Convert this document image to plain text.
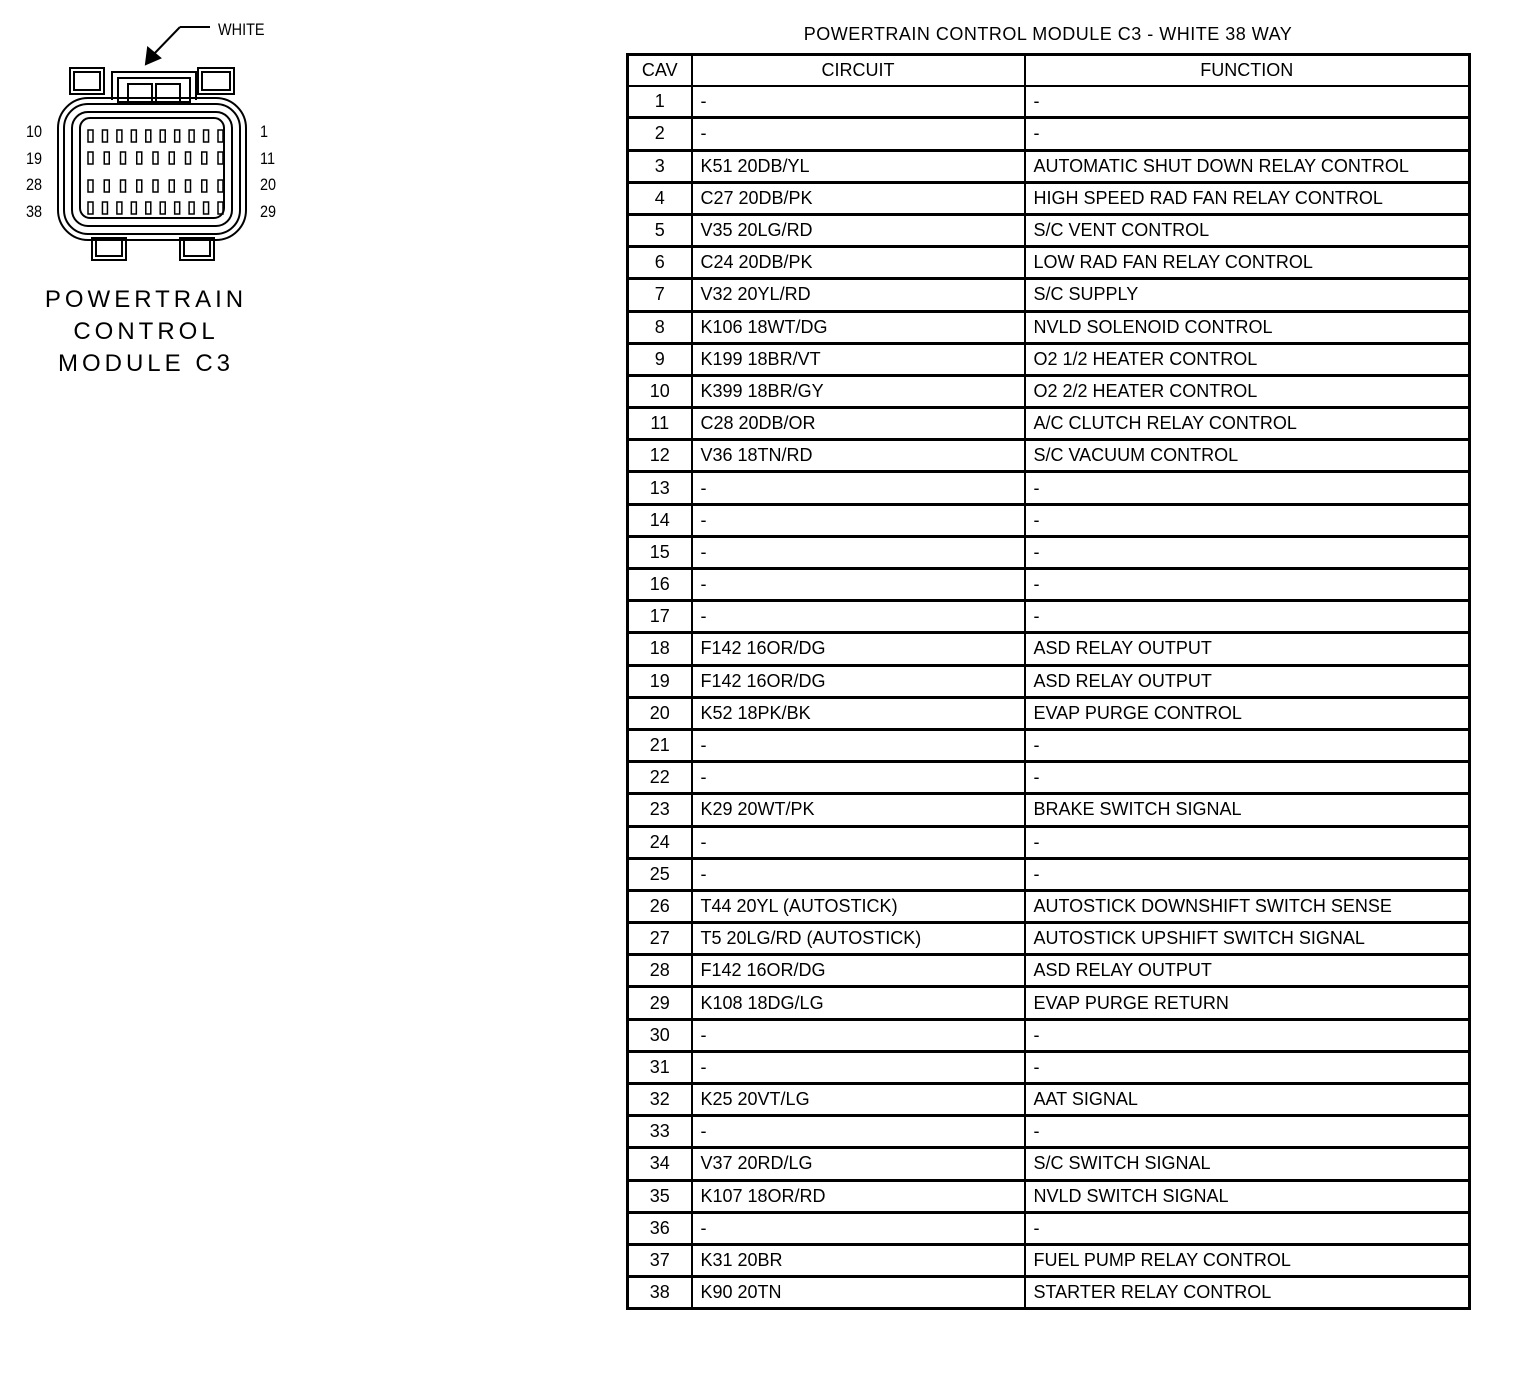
WHITE
10
19
28
38
1
11
20
29
POWERTRAIN
CONTROL
MODULE C3
POWERTRAIN CONTROL MODULE C3 - WHITE 38 WAY
CAV	CIRCUIT	FUNCTION
1	-	-
2	-	-
3	K51 20DB/YL	AUTOMATIC SHUT DOWN RELAY CONTROL
4	C27 20DB/PK	HIGH SPEED RAD FAN RELAY CONTROL
5	V35 20LG/RD	S/C VENT CONTROL
6	C24 20DB/PK	LOW RAD FAN RELAY CONTROL
7	V32 20YL/RD	S/C SUPPLY
8	K106 18WT/DG	NVLD SOLENOID CONTROL
9	K199 18BR/VT	O2 1/2 HEATER CONTROL
10	K399 18BR/GY	O2 2/2 HEATER CONTROL
11	C28 20DB/OR	A/C CLUTCH RELAY CONTROL
12	V36 18TN/RD	S/C VACUUM CONTROL
13	-	-
14	-	-
15	-	-
16	-	-
17	-	-
18	F142 16OR/DG	ASD RELAY OUTPUT
19	F142 16OR/DG	ASD RELAY OUTPUT
20	K52 18PK/BK	EVAP PURGE CONTROL
21	-	-
22	-	-
23	K29 20WT/PK	BRAKE SWITCH SIGNAL
24	-	-
25	-	-
26	T44 20YL (AUTOSTICK)	AUTOSTICK DOWNSHIFT SWITCH SENSE
27	T5 20LG/RD (AUTOSTICK)	AUTOSTICK UPSHIFT SWITCH SIGNAL
28	F142 16OR/DG	ASD RELAY OUTPUT
29	K108 18DG/LG	EVAP PURGE RETURN
30	-	-
31	-	-
32	K25 20VT/LG	AAT SIGNAL
33	-	-
34	V37 20RD/LG	S/C SWITCH SIGNAL
35	K107 18OR/RD	NVLD SWITCH SIGNAL
36	-	-
37	K31 20BR	FUEL PUMP RELAY CONTROL
38	K90 20TN	STARTER RELAY CONTROL
